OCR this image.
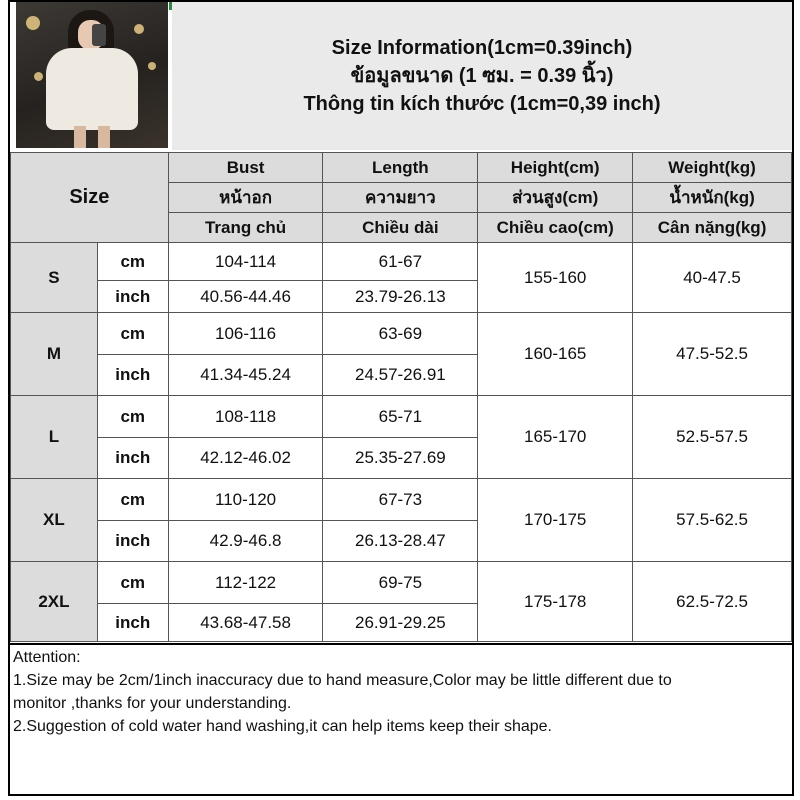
Size Information(1cm=0.39inch)
ข้อมูลขนาด (1 ซม. = 0.39 นิ้ว)
Thông tin kích thước (1cm=0,39 inch)
Size		Bust	Length	Height(cm)	Weight(kg)
		หน้าอก	ความยาว	ส่วนสูง(cm)	น้ำหนัก(kg)
		Trang chủ	Chiều dài	Chiều cao(cm)	Cân nặng(kg)
S	cm	104-114	61-67	155-160	40-47.5
	inch	40.56-44.46	23.79-26.13		
M	cm	106-116	63-69	160-165	47.5-52.5
	inch	41.34-45.24	24.57-26.91		
L	cm	108-118	65-71	165-170	52.5-57.5
	inch	42.12-46.02	25.35-27.69		
XL	cm	110-120	67-73	170-175	57.5-62.5
	inch	42.9-46.8	26.13-28.47		
2XL	cm	112-122	69-75	175-178	62.5-72.5
	inch	43.68-47.58	26.91-29.25		
Attention:
1.Size may be 2cm/1inch inaccuracy due to hand measure,Color may be little different due to
monitor ,thanks for your understanding.
2.Suggestion of cold water hand washing,it can help items keep their shape.
